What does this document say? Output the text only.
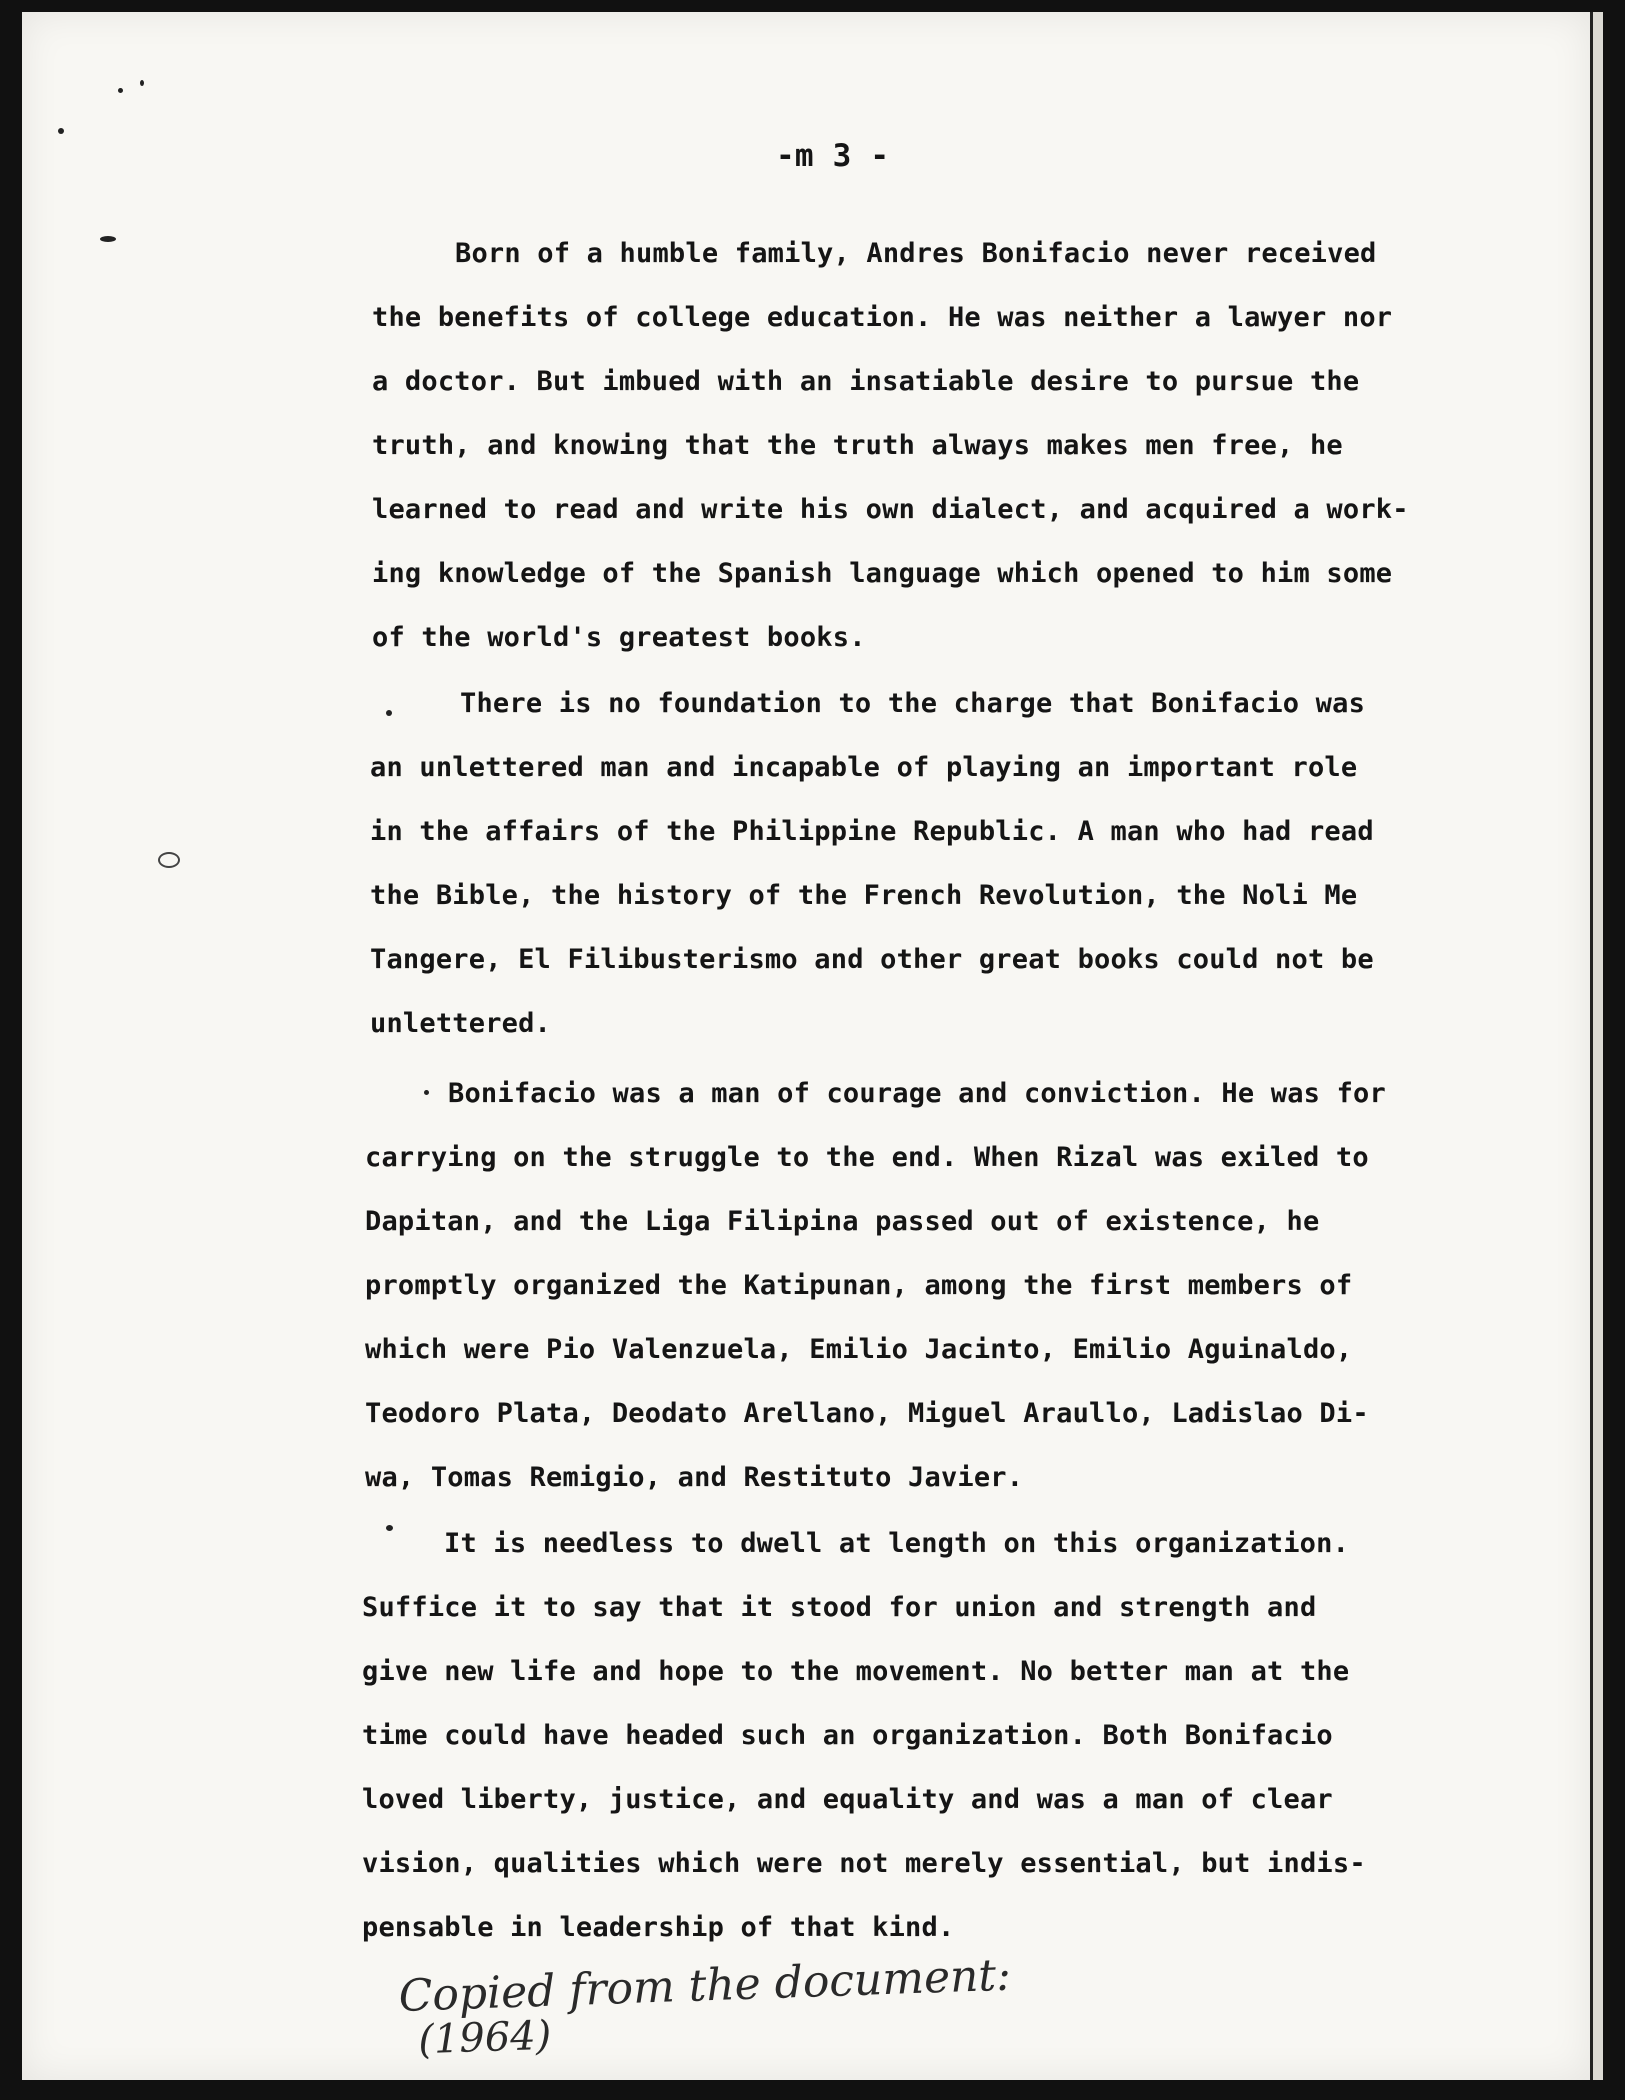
-m 3 -
Born of a humble family, Andres Bonifacio never received
the benefits of college education. He was neither a lawyer nor
a doctor. But imbued with an insatiable desire to pursue the
truth, and knowing that the truth always makes men free, he
learned to read and write his own dialect, and acquired a work-
ing knowledge of the Spanish language which opened to him some
of the world's greatest books.
There is no foundation to the charge that Bonifacio was
an unlettered man and incapable of playing an important role
in the affairs of the Philippine Republic. A man who had read
the Bible, the history of the French Revolution, the Noli Me
Tangere, El Filibusterismo and other great books could not be
unlettered.
Bonifacio was a man of courage and conviction. He was for
carrying on the struggle to the end. When Rizal was exiled to
Dapitan, and the Liga Filipina passed out of existence, he
promptly organized the Katipunan, among the first members of
which were Pio Valenzuela, Emilio Jacinto, Emilio Aguinaldo,
Teodoro Plata, Deodato Arellano, Miguel Araullo, Ladislao Di-
wa, Tomas Remigio, and Restituto Javier.
It is needless to dwell at length on this organization.
Suffice it to say that it stood for union and strength and
give new life and hope to the movement. No better man at the
time could have headed such an organization. Both Bonifacio
loved liberty, justice, and equality and was a man of clear
vision, qualities which were not merely essential, but indis-
pensable in leadership of that kind.
Copied from the document:
(1964)
